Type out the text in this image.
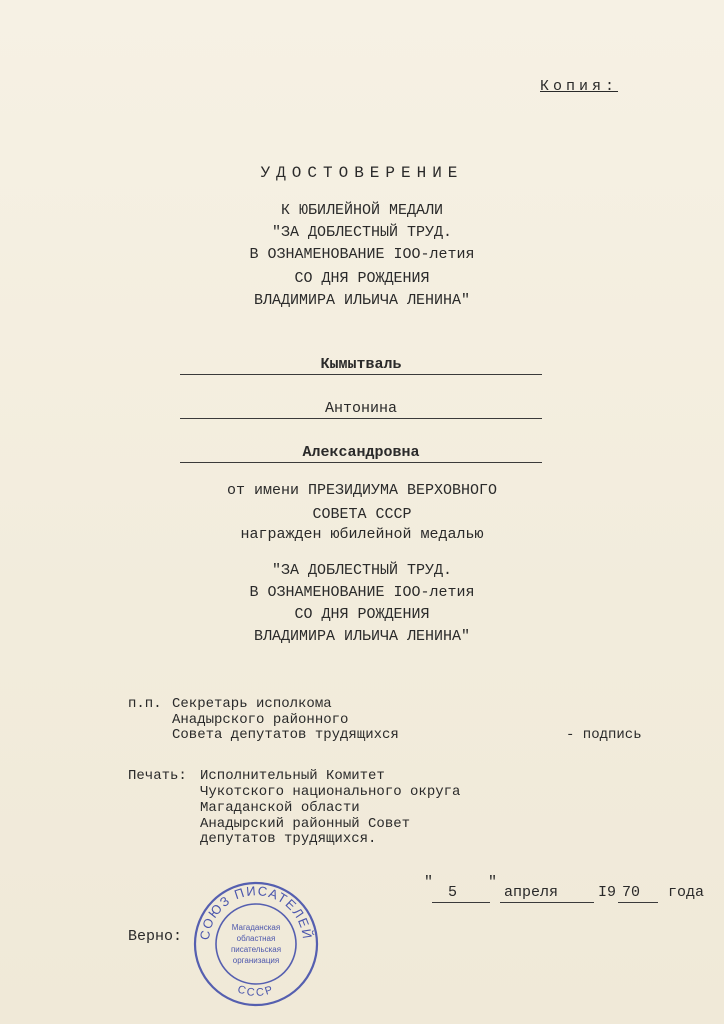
Копия:
УДОСТОВЕРЕНИЕ
К ЮБИЛЕЙНОЙ МЕДАЛИ
"ЗА ДОБЛЕСТНЫЙ ТРУД.
В ОЗНАМЕНОВАНИЕ IOO-летия
СО ДНЯ РОЖДЕНИЯ
ВЛАДИМИРА ИЛЬИЧА ЛЕНИНА"
Кымытваль
Антонина
Александровна
от имени ПРЕЗИДИУМА ВЕРХОВНОГО
СОВЕТА СССР
награжден юбилейной медалью
"ЗА ДОБЛЕСТНЫЙ ТРУД.
В ОЗНАМЕНОВАНИЕ IOO-летия
СО ДНЯ РОЖДЕНИЯ
ВЛАДИМИРА ИЛЬИЧА ЛЕНИНА"
п.п. Секретарь исполкома
Анадырского районного
Совета депутатов трудящихся	- подпись
Печать: Исполнительный Комитет
Чукотского национального округа
Магаданской области
Анадырский районный Совет
депутатов трудящихся.
"
5
"
апреля	I9 70 года
Верно: СОЮЗ ПИСАТЕЛЕЙ
СССР
Магаданская
областная
писательская
организация
